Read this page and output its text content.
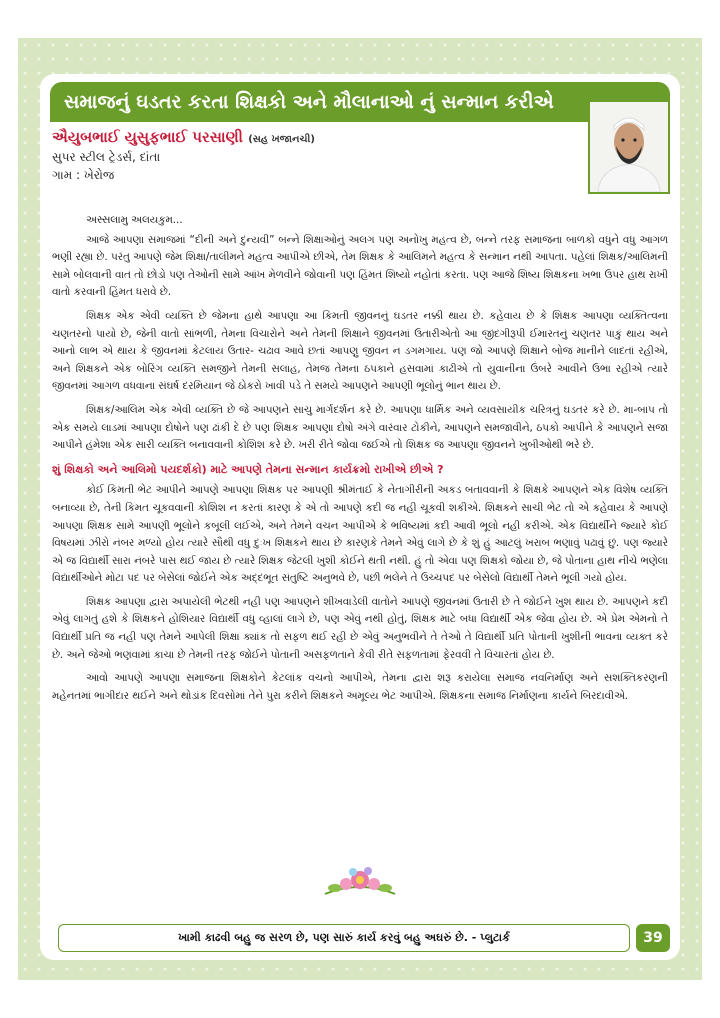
સમાજનું ઘડતર કરતા શિક્ષકો અને મૌલાનાઓ નું સન્માન કરીએ
ઐયુબભાઈ યુસુફભાઈ પરસાણી (સહ ખજાનચી)
સુપર સ્ટીલ ટ્રેડર્સ, દાંતા
ગામ : ખેરોજ

અસ્સલામુ અલયકુમ...

આજે આપણા સમાજમાં “દીની અને દુન્યવી” બન્ને શિક્ષાઓનું અલગ પણ અનોખુ મહત્વ છે, બન્ને તરફ સમાજના બાળકો વધુને વધુ આગળ ભણી રહ્યા છે. પરંતુ આપણે જેમ શિક્ષા/તાલીમને મહત્વ આપીએ છીએ, તેમ શિક્ષક કે આલિમને મહત્વ કે સન્માન નથી આપતા. પહેલાં શિક્ષક/આલિમની સામે બોલવાની વાત તો છોડો પણ તેઓની સામે આંખ મેળવીને જોવાની પણ હિંમત શિષ્યો નહોતાં કરતા. પણ આજે શિષ્ય શિક્ષકના ખભા ઉપર હાથ રાખી વાતો કરવાની હિંમત ધરાવે છે.

શિક્ષક એક એવી વ્યક્તિ છે જેમના હાથે આપણા આ કિમતી જીવનનું ઘડતર નક્કી થાય છે. કહેવાય છે કે શિક્ષક આપણા વ્યક્તિત્વના ચણતરનો પાયો છે, જેની વાતો સાંભળી, તેમના વિચારોને અને તેમની શિક્ષાને જીવનમાં ઉતારીએતો આ જીંદગીરૂપી ઈમારતનું ચણતર પાકું થાય અને આનો લાભ એ થાય કે જીવનમાં કેટલાય ઉતાર- ચઢાવ આવે છતાં આપણુ જીવન ન ડગમગાય. પણ જો આપણે શિક્ષાને બોજ માનીને લાદતાં રહીએ, અને શિક્ષકને એક બોરિંગ વ્યક્તિ સમજીને તેમની સલાહ, તેમજ તેમના ઠપકાને હસવામાં કાઢીએ તો યુવાનીના ઉંબરે આવીને ઉભા રહીએ ત્યારે જીવનમાં આગળ વધવાના સંઘર્ષ દરમિયાન જે ઠોકરો ખાવી પડે તે સમયે આપણને આપણી ભૂલોનું ભાન થાય છે.

શિક્ષક/આલિમ એક એવી વ્યક્તિ છે જે આપણને સાચુ માર્ગદર્શન કરે છે. આપણા ધાર્મિક અને વ્યવસાયીક ચરિત્રનું ઘડતર કરે છે. મા-બાપ તો એક સમયે લાડમાં આપણા દોષોને પણ ઢાંકી દે છે પણ શિક્ષક આપણા દોષો અંગે વારંવાર ટોકીને, આપણને સમજાવીને, ઠપકો આપીને કે આપણને સજા આપીને હંમેશા એક સારી વ્યક્તિ બનાવવાની કોશિશ કરે છે. ખરી રીતે જોવા જઈએ તો શિક્ષક જ આપણા જીવનને ખુબીઓથી ભરે છે.

શું શિક્ષકો અને આલિમો પયદર્શકો) માટે આપણે તેમના સન્માન કાર્યક્રમો રાખીએ છીએ ?

કોઈ કિમતી ભેટ આપીને આપણે આપણા શિક્ષક પર આપણી શ્રીમંતાઈ કે નેતાગીરીની અકડ બતાવવાની કે શિક્ષકે આપણને એક વિશેષ વ્યક્તિ બનાવ્યા છે, તેની કિમત ચૂકવવાની કોશિશ ન કરતાં કારણ કે એ તો આપણે કદી જ નહી ચૂકવી શકીએ. શિક્ષકને સાચી ભેટ તો એ કહેવાય કે આપણે આપણા શિક્ષક સામે આપણી ભૂલોને કબૂલી લઈએ, અને તેમને વચન આપીએ કે ભવિષ્યમાં કદી આવી ભૂલો નહી કરીએ. એક વિદ્યાર્થીને જ્યારે કોઈ વિષયમાં ઝીરો નંબર મળ્યો હોય ત્યારે સૌથી વધુ દુઃખ શિક્ષકને થાય છે કારણકે તેમને એવું લાગે છે કે શું હું આટલું ખરાબ ભણાવું પઢાવું છું. પણ જ્યારે એ જ વિદ્યાર્થી સારા નંબરે પાસ થઈ જાય છે ત્યારે શિક્ષક જેટલી ખુશી કોઈને થતી નથી. હું તો એવા પણ શિક્ષકો જોયા છે, જે પોતાના હાથ નીચે ભણેલા વિદ્યાર્થીઓને મોટા પદ પર બેસેલાં જોઈને એક અદ્દભૂત સંતુષ્ટિ અનુભવે છે, પછી ભલેને તે ઉચ્ચપદ પર બેસેલો વિદ્યાર્થી તેમને ભૂલી ગયો હોય.

શિક્ષક આપણા દ્વારા અપાયેલી ભેટથી નહી પણ આપણને શીખવાડેલી વાતોને આપણે જીવનમાં ઉતારી છે તે જોઈને ખુશ થાય છે. આપણને કદી એવું લાગતું હશે કે શિક્ષકને હોશિયાર વિદ્યાર્થી વધુ વ્હાલાં લાગે છે, પણ એવું નથી હોતું, શિક્ષક માટે બધા વિદ્યાર્થી એક જેવા હોય છે. એ પ્રેમ એમનો તે વિદ્યાર્થી પ્રતિ જ નહી પણ તેમને આપેલી શિક્ષા ક્યાંક તો સફળ થઈ રહી છે એવું અનુભવીને તે તેઓ તે વિદ્યાર્થી પ્રતિ પોતાની ખુશીની ભાવના વ્યક્ત કરે છે. અને જેઓ ભણવામાં કાચા છે તેમની તરફ જોઈને પોતાની અસફળતાને કેવી રીતે સફળતામાં ફેરવવી તે વિચારતાં હોય છે.

આવો આપણે આપણા સમાજના શિક્ષકોને કેટલાંક વચનો આપીએ, તેમના દ્વારા શરૂ કરાયેલા સમાજ નવનિર્માણ અને સશક્તિકરણની મહેનતમાં ભાગીદાર થઈને અને થોડાંક દિવસોમાં તેને પુરા કરીને શિક્ષકને અમૂલ્ય ભેટ આપીએ. શિક્ષકના સમાજ નિર્માણના કાર્યને બિરદાવીએ.

ખામી કાઢવી બહુ જ સરળ છે, પણ સારું કાર્ય કરવું બહુ અઘરું છે. - પ્લુટાર્ક	39
